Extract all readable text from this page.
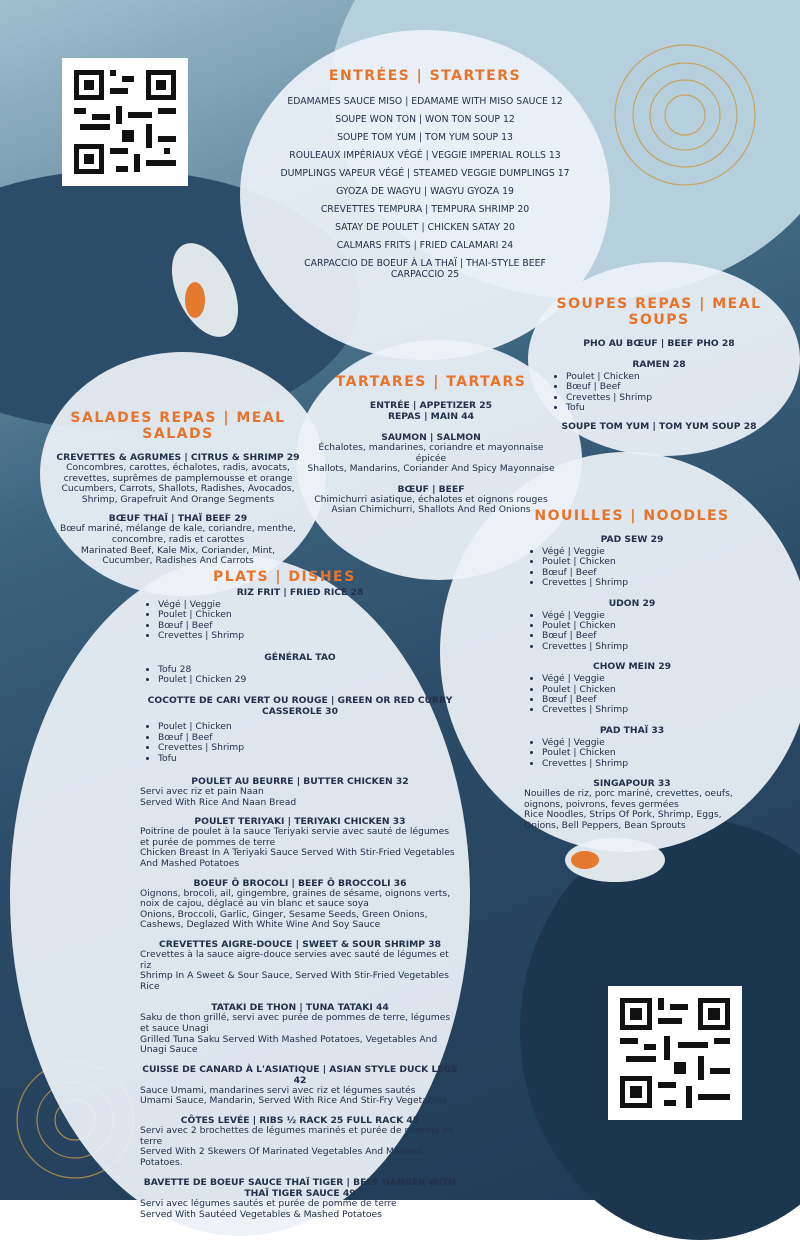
ENTRÉES | STARTERS
EDAMAMES SAUCE MISO | EDAMAME WITH MISO SAUCE 12
SOUPE WON TON | WON TON SOUP 12
SOUPE TOM YUM | TOM YUM SOUP 13
ROULEAUX IMPÉRIAUX VÉGÉ | VEGGIE IMPERIAL ROLLS 13
DUMPLINGS VAPEUR VÉGÉ | STEAMED VEGGIE DUMPLINGS 17
GYOZA DE WAGYU | WAGYU GYOZA 19
CREVETTES TEMPURA | TEMPURA SHRIMP 20
SATAY DE POULET | CHICKEN SATAY 20
CALMARS FRITS | FRIED CALAMARI 24
CARPACCIO DE BOEUF À LA THAÏ | THAI-STYLE BEEF CARPACCIO 25
SOUPES REPAS | MEAL SOUPS
PHO AU BŒUF | BEEF PHO 28
RAMEN 28
• Poulet | Chicken
• Bœuf | Beef
• Crevettes | Shrimp
• Tofu
SOUPE TOM YUM | TOM YUM SOUP 28
TARTARES | TARTARS
ENTRÉE | APPETIZER 25
REPAS | MAIN 44
SAUMON | SALMON
Échalotes, mandarines, coriandre et mayonnaise épicée
Shallots, Mandarins, Coriander And Spicy Mayonnaise
BŒUF | BEEF
Chimichurri asiatique, échalotes et oignons rouges
Asian Chimichurri, Shallots And Red Onions
SALADES REPAS | MEAL SALADS
CREVETTES & AGRUMES | CITRUS & SHRIMP 29
Concombres, carottes, échalotes, radis, avocats, crevettes, suprêmes de pamplemousse et orange
Cucumbers, Carrots, Shallots, Radishes, Avocados, Shrimp, Grapefruit And Orange Segments
BŒUF THAÏ | THAÏ BEEF 29
Bœuf mariné, mélange de kale, coriandre, menthe, concombre, radis et carottes
Marinated Beef, Kale Mix, Coriander, Mint, Cucumber, Radishes And Carrots
NOUILLES | NOODLES
PAD SEW 29
• Végé | Veggie
• Poulet | Chicken
• Bœuf | Beef
• Crevettes | Shrimp
UDON 29
• Végé | Veggie
• Poulet | Chicken
• Bœuf | Beef
• Crevettes | Shrimp
CHOW MEIN 29
• Végé | Veggie
• Poulet | Chicken
• Bœuf | Beef
• Crevettes | Shrimp
PAD THAÏ 33
• Végé | Veggie
• Poulet | Chicken
• Crevettes | Shrimp
SINGAPOUR 33
Nouilles de riz, porc mariné, crevettes, oeufs, oignons, poivrons, feves germées
Rice Noodles, Strips Of Pork, Shrimp, Eggs, Onions, Bell Peppers, Bean Sprouts
PLATS | DISHES
RIZ FRIT | FRIED RICE 28
• Végé | Veggie
• Poulet | Chicken
• Bœuf | Beef
• Crevettes | Shrimp
GÉNÉRAL TAO
• Tofu 28
• Poulet | Chicken 29
COCOTTE DE CARI VERT OU ROUGE | GREEN OR RED CURRY CASSEROLE 30
• Poulet | Chicken
• Bœuf | Beef
• Crevettes | Shrimp
• Tofu
POULET AU BEURRE | BUTTER CHICKEN 32
Servi avec riz et pain Naan
Served With Rice And Naan Bread
POULET TERIYAKI | TERIYAKI CHICKEN 33
Poitrine de poulet à la sauce Teriyaki servie avec sauté de légumes et purée de pommes de terre
Chicken Breast In A Teriyaki Sauce Served With Stir-Fried Vegetables And Mashed Potatoes
BOEUF Ô BROCOLI | BEEF Ô BROCCOLI 36
Oignons, brocoli, ail, gingembre, graines de sésame, oignons verts, noix de cajou, déglacé au vin blanc et sauce soya
Onions, Broccoli, Garlic, Ginger, Sesame Seeds, Green Onions, Cashews, Deglazed With White Wine And Soy Sauce
CREVETTES AIGRE-DOUCE | SWEET & SOUR SHRIMP 38
Crevettes à la sauce aigre-douce servies avec sauté de légumes et riz
Shrimp In A Sweet & Sour Sauce, Served With Stir-Fried Vegetables Rice
TATAKI DE THON | TUNA TATAKI 44
Saku de thon grillé, servi avec purée de pommes de terre, légumes et sauce Unagi
Grilled Tuna Saku Served With Mashed Potatoes, Vegetables And Unagi Sauce
CUISSE DE CANARD À L'ASIATIQUE | ASIAN STYLE DUCK LEGS 42
Sauce Umami, mandarines servi avec riz et légumes sautés
Umami Sauce, Mandarin, Served With Rice And Stir-Fry Vegetables
CÔTES LEVÉE | RIBS ½ RACK 25 FULL RACK 45
Servi avec 2 brochettes de légumes marinés et purée de pomme de terre
Served With 2 Skewers Of Marinated Vegetables And Mashed Potatoes.
BAVETTE DE BOEUF SAUCE THAÏ TIGER | BEEF HANGER WITH THAÏ TIGER SAUCE 49
Servi avec légumes sautés et purée de pomme de terre
Served With Sautéed Vegetables & Mashed Potatoes
